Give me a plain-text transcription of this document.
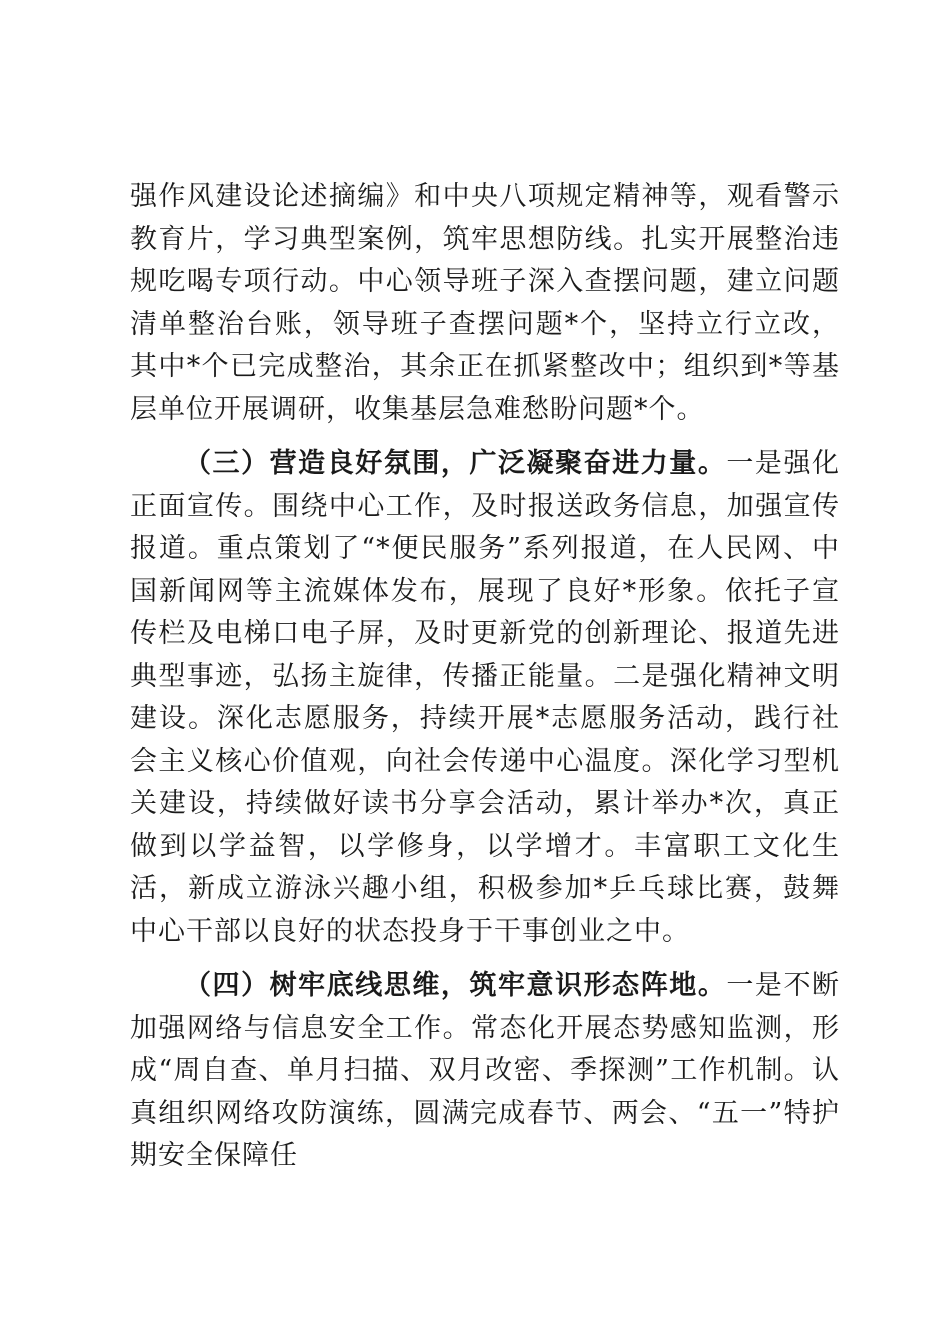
强作风建设论述摘编》和中央八项规定精神等，观看警示教育片，学习典型案例，筑牢思想防线。扎实开展整治违规吃喝专项行动。中心领导班子深入查摆问题，建立问题清单整治台账，领导班子查摆问题*个，坚持立行立改，其中*个已完成整治，其余正在抓紧整改中；组织到*等基层单位开展调研，收集基层急难愁盼问题*个。

（三）营造良好氛围，广泛凝聚奋进力量。一是强化正面宣传。围绕中心工作，及时报送政务信息，加强宣传报道。重点策划了“*便民服务”系列报道，在人民网、中国新闻网等主流媒体发布，展现了良好*形象。依托子宣传栏及电梯口电子屏，及时更新党的创新理论、报道先进典型事迹，弘扬主旋律，传播正能量。二是强化精神文明建设。深化志愿服务，持续开展*志愿服务活动，践行社会主义核心价值观，向社会传递中心温度。深化学习型机关建设，持续做好读书分享会活动，累计举办*次，真正做到以学益智，以学修身，以学增才。丰富职工文化生活，新成立游泳兴趣小组，积极参加*乒乓球比赛，鼓舞中心干部以良好的状态投身于干事创业之中。

（四）树牢底线思维，筑牢意识形态阵地。一是不断加强网络与信息安全工作。常态化开展态势感知监测，形成“周自查、单月扫描、双月改密、季探测”工作机制。认真组织网络攻防演练，圆满完成春节、两会、“五一”特护期安全保障任
